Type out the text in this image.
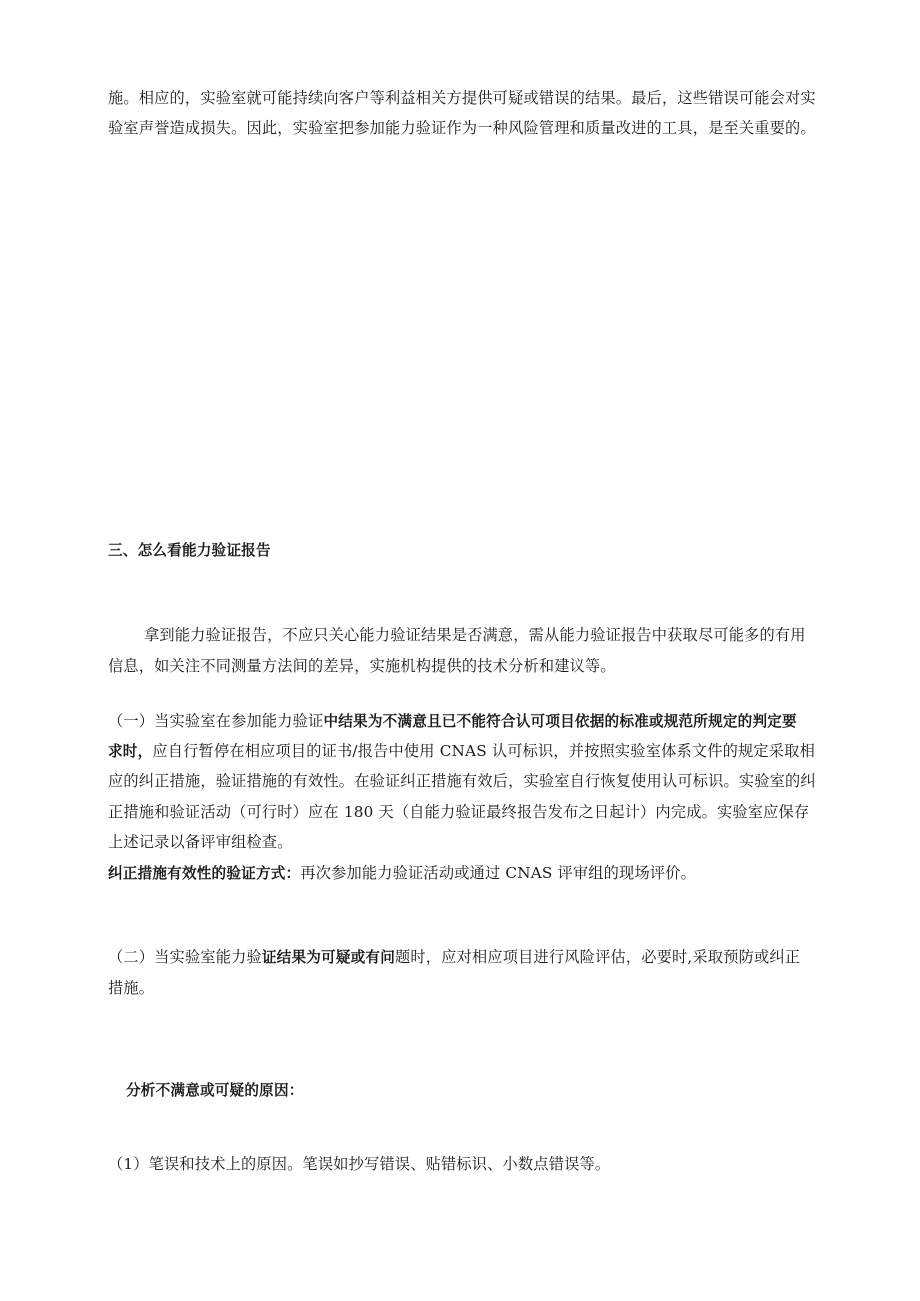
施。相应的，实验室就可能持续向客户等利益相关方提供可疑或错误的结果。最后，这些错误可能会对实
验室声誉造成损失。因此，实验室把参加能力验证作为一种风险管理和质量改进的工具，是至关重要的。
三、怎么看能力验证报告
拿到能力验证报告，不应只关心能力验证结果是否满意，需从能力验证报告中获取尽可能多的有用
信息，如关注不同测量方法间的差异，实施机构提供的技术分析和建议等。
（一）当实验室在参加能力验证中结果为不满意且已不能符合认可项目依据的标准或规范所规定的判定要
求时，应自行暂停在相应项目的证书/报告中使用 CNAS 认可标识，并按照实验室体系文件的规定采取相
应的纠正措施，验证措施的有效性。在验证纠正措施有效后，实验室自行恢复使用认可标识。实验室的纠
正措施和验证活动（可行时）应在 180 天（自能力验证最终报告发布之日起计）内完成。实验室应保存
上述记录以备评审组检查。
纠正措施有效性的验证方式：再次参加能力验证活动或通过 CNAS 评审组的现场评价。
（二）当实验室能力验证结果为可疑或有问题时，应对相应项目进行风险评估，必要时,采取预防或纠正
措施。
分析不满意或可疑的原因：
（1）笔误和技术上的原因。笔误如抄写错误、贴错标识、小数点错误等。
